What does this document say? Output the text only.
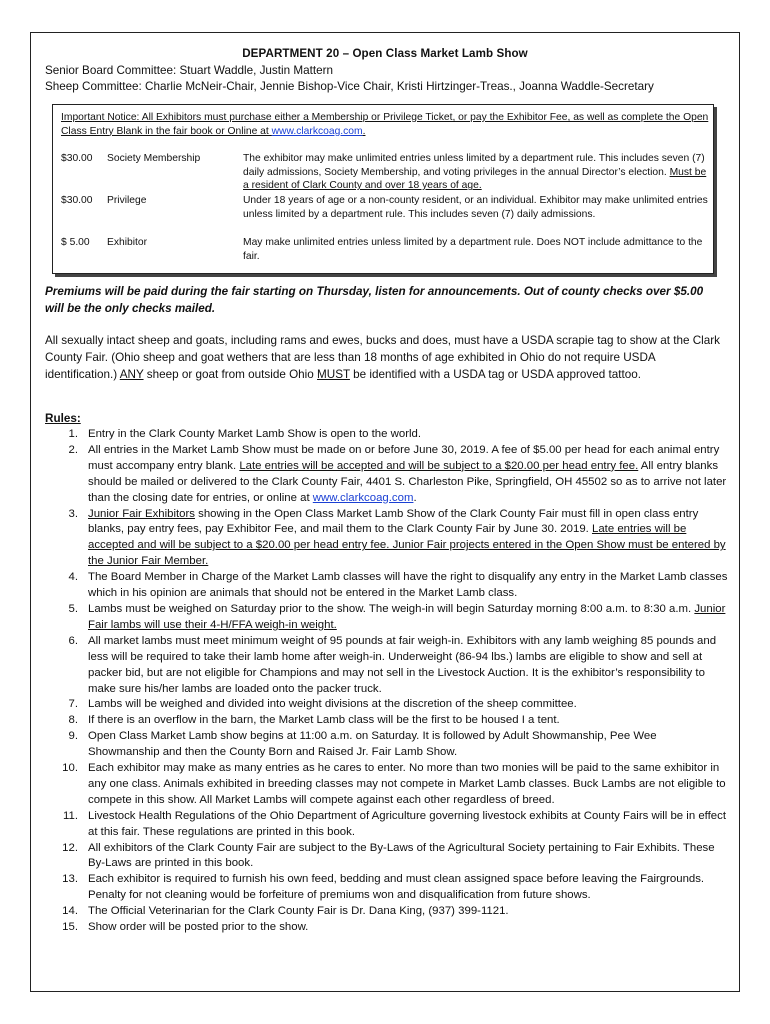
DEPARTMENT 20 – Open Class Market Lamb Show
Senior Board Committee: Stuart Waddle, Justin Mattern
Sheep Committee: Charlie McNeir-Chair, Jennie Bishop-Vice Chair, Kristi Hirtzinger-Treas., Joanna Waddle-Secretary
Important Notice: All Exhibitors must purchase either a Membership or Privilege Ticket, or pay the Exhibitor Fee, as well as complete the Open Class Entry Blank in the fair book or Online at www.clarkcoag.com.
$30.00	Society Membership	The exhibitor may make unlimited entries unless limited by a department rule. This includes seven (7) daily admissions, Society Membership, and voting privileges in the annual Director’s election. Must be a resident of Clark County and over 18 years of age.
$30.00	Privilege	Under 18 years of age or a non-county resident, or an individual. Exhibitor may make unlimited entries unless limited by a department rule. This includes seven (7) daily admissions.
$ 5.00	Exhibitor	May make unlimited entries unless limited by a department rule. Does NOT include admittance to the fair.
Premiums will be paid during the fair starting on Thursday, listen for announcements. Out of county checks over $5.00 will be the only checks mailed.
All sexually intact sheep and goats, including rams and ewes, bucks and does, must have a USDA scrapie tag to show at the Clark County Fair. (Ohio sheep and goat wethers that are less than 18 months of age exhibited in Ohio do not require USDA identification.) ANY sheep or goat from outside Ohio MUST be identified with a USDA tag or USDA approved tattoo.
Rules:
1. Entry in the Clark County Market Lamb Show is open to the world.
2. All entries in the Market Lamb Show must be made on or before June 30, 2019. A fee of $5.00 per head for each animal entry must accompany entry blank. Late entries will be accepted and will be subject to a $20.00 per head entry fee. All entry blanks should be mailed or delivered to the Clark County Fair, 4401 S. Charleston Pike, Springfield, OH 45502 so as to arrive not later than the closing date for entries, or online at www.clarkcoag.com.
3. Junior Fair Exhibitors showing in the Open Class Market Lamb Show of the Clark County Fair must fill in open class entry blanks, pay entry fees, pay Exhibitor Fee, and mail them to the Clark County Fair by June 30. 2019. Late entries will be accepted and will be subject to a $20.00 per head entry fee. Junior Fair projects entered in the Open Show must be entered by the Junior Fair Member.
4. The Board Member in Charge of the Market Lamb classes will have the right to disqualify any entry in the Market Lamb classes which in his opinion are animals that should not be entered in the Market Lamb class.
5. Lambs must be weighed on Saturday prior to the show. The weigh-in will begin Saturday morning 8:00 a.m. to 8:30 a.m. Junior Fair lambs will use their 4-H/FFA weigh-in weight.
6. All market lambs must meet minimum weight of 95 pounds at fair weigh-in. Exhibitors with any lamb weighing 85 pounds and less will be required to take their lamb home after weigh-in. Underweight (86-94 lbs.) lambs are eligible to show and sell at packer bid, but are not eligible for Champions and may not sell in the Livestock Auction. It is the exhibitor’s responsibility to make sure his/her lambs are loaded onto the packer truck.
7. Lambs will be weighed and divided into weight divisions at the discretion of the sheep committee.
8. If there is an overflow in the barn, the Market Lamb class will be the first to be housed I a tent.
9. Open Class Market Lamb show begins at 11:00 a.m. on Saturday. It is followed by Adult Showmanship, Pee Wee Showmanship and then the County Born and Raised Jr. Fair Lamb Show.
10. Each exhibitor may make as many entries as he cares to enter. No more than two monies will be paid to the same exhibitor in any one class. Animals exhibited in breeding classes may not compete in Market Lamb classes. Buck Lambs are not eligible to compete in this show. All Market Lambs will compete against each other regardless of breed.
11. Livestock Health Regulations of the Ohio Department of Agriculture governing livestock exhibits at County Fairs will be in effect at this fair. These regulations are printed in this book.
12. All exhibitors of the Clark County Fair are subject to the By-Laws of the Agricultural Society pertaining to Fair Exhibits. These By-Laws are printed in this book.
13. Each exhibitor is required to furnish his own feed, bedding and must clean assigned space before leaving the Fairgrounds. Penalty for not cleaning would be forfeiture of premiums won and disqualification from future shows.
14. The Official Veterinarian for the Clark County Fair is Dr. Dana King, (937) 399-1121.
15. Show order will be posted prior to the show.
